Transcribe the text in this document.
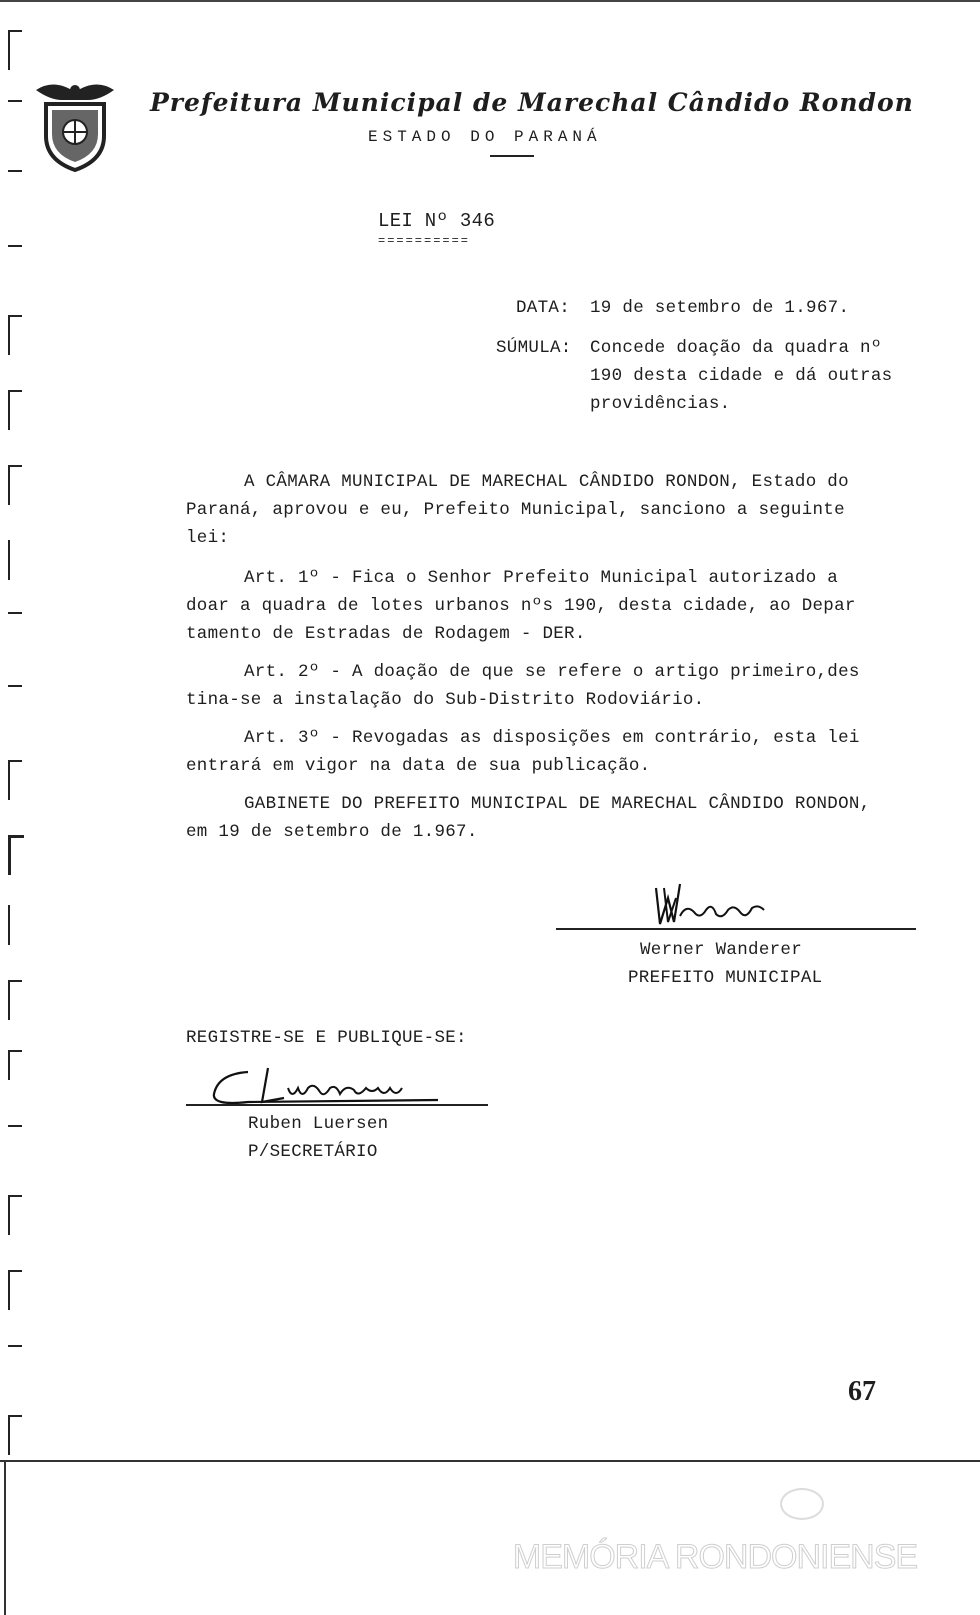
Prefeitura Municipal de Marechal Cândido Rondon
ESTADO DO PARANÁ
LEI Nº 346
==========
DATA: 19 de setembro de 1.967.
SÚMULA: Concede doação da quadra nº
190 desta cidade e dá outras
providências.
A CÂMARA MUNICIPAL DE MARECHAL CÂNDIDO RONDON, Estado do
Paraná, aprovou e eu, Prefeito Municipal, sanciono a seguinte
lei:
Art. 1º - Fica o Senhor Prefeito Municipal autorizado a
doar a quadra de lotes urbanos nºs 190, desta cidade, ao Depar
tamento de Estradas de Rodagem - DER.
Art. 2º - A doação de que se refere o artigo primeiro,des
tina-se a instalação do Sub-Distrito Rodoviário.
Art. 3º - Revogadas as disposições em contrário, esta lei
entrará em vigor na data de sua publicação.
GABINETE DO PREFEITO MUNICIPAL DE MARECHAL CÂNDIDO RONDON,
em 19 de setembro de 1.967.
Werner Wanderer
PREFEITO MUNICIPAL
REGISTRE-SE E PUBLIQUE-SE:
Ruben Luersen
P/SECRETÁRIO
67
MEMÓRIA RONDONIENSE
